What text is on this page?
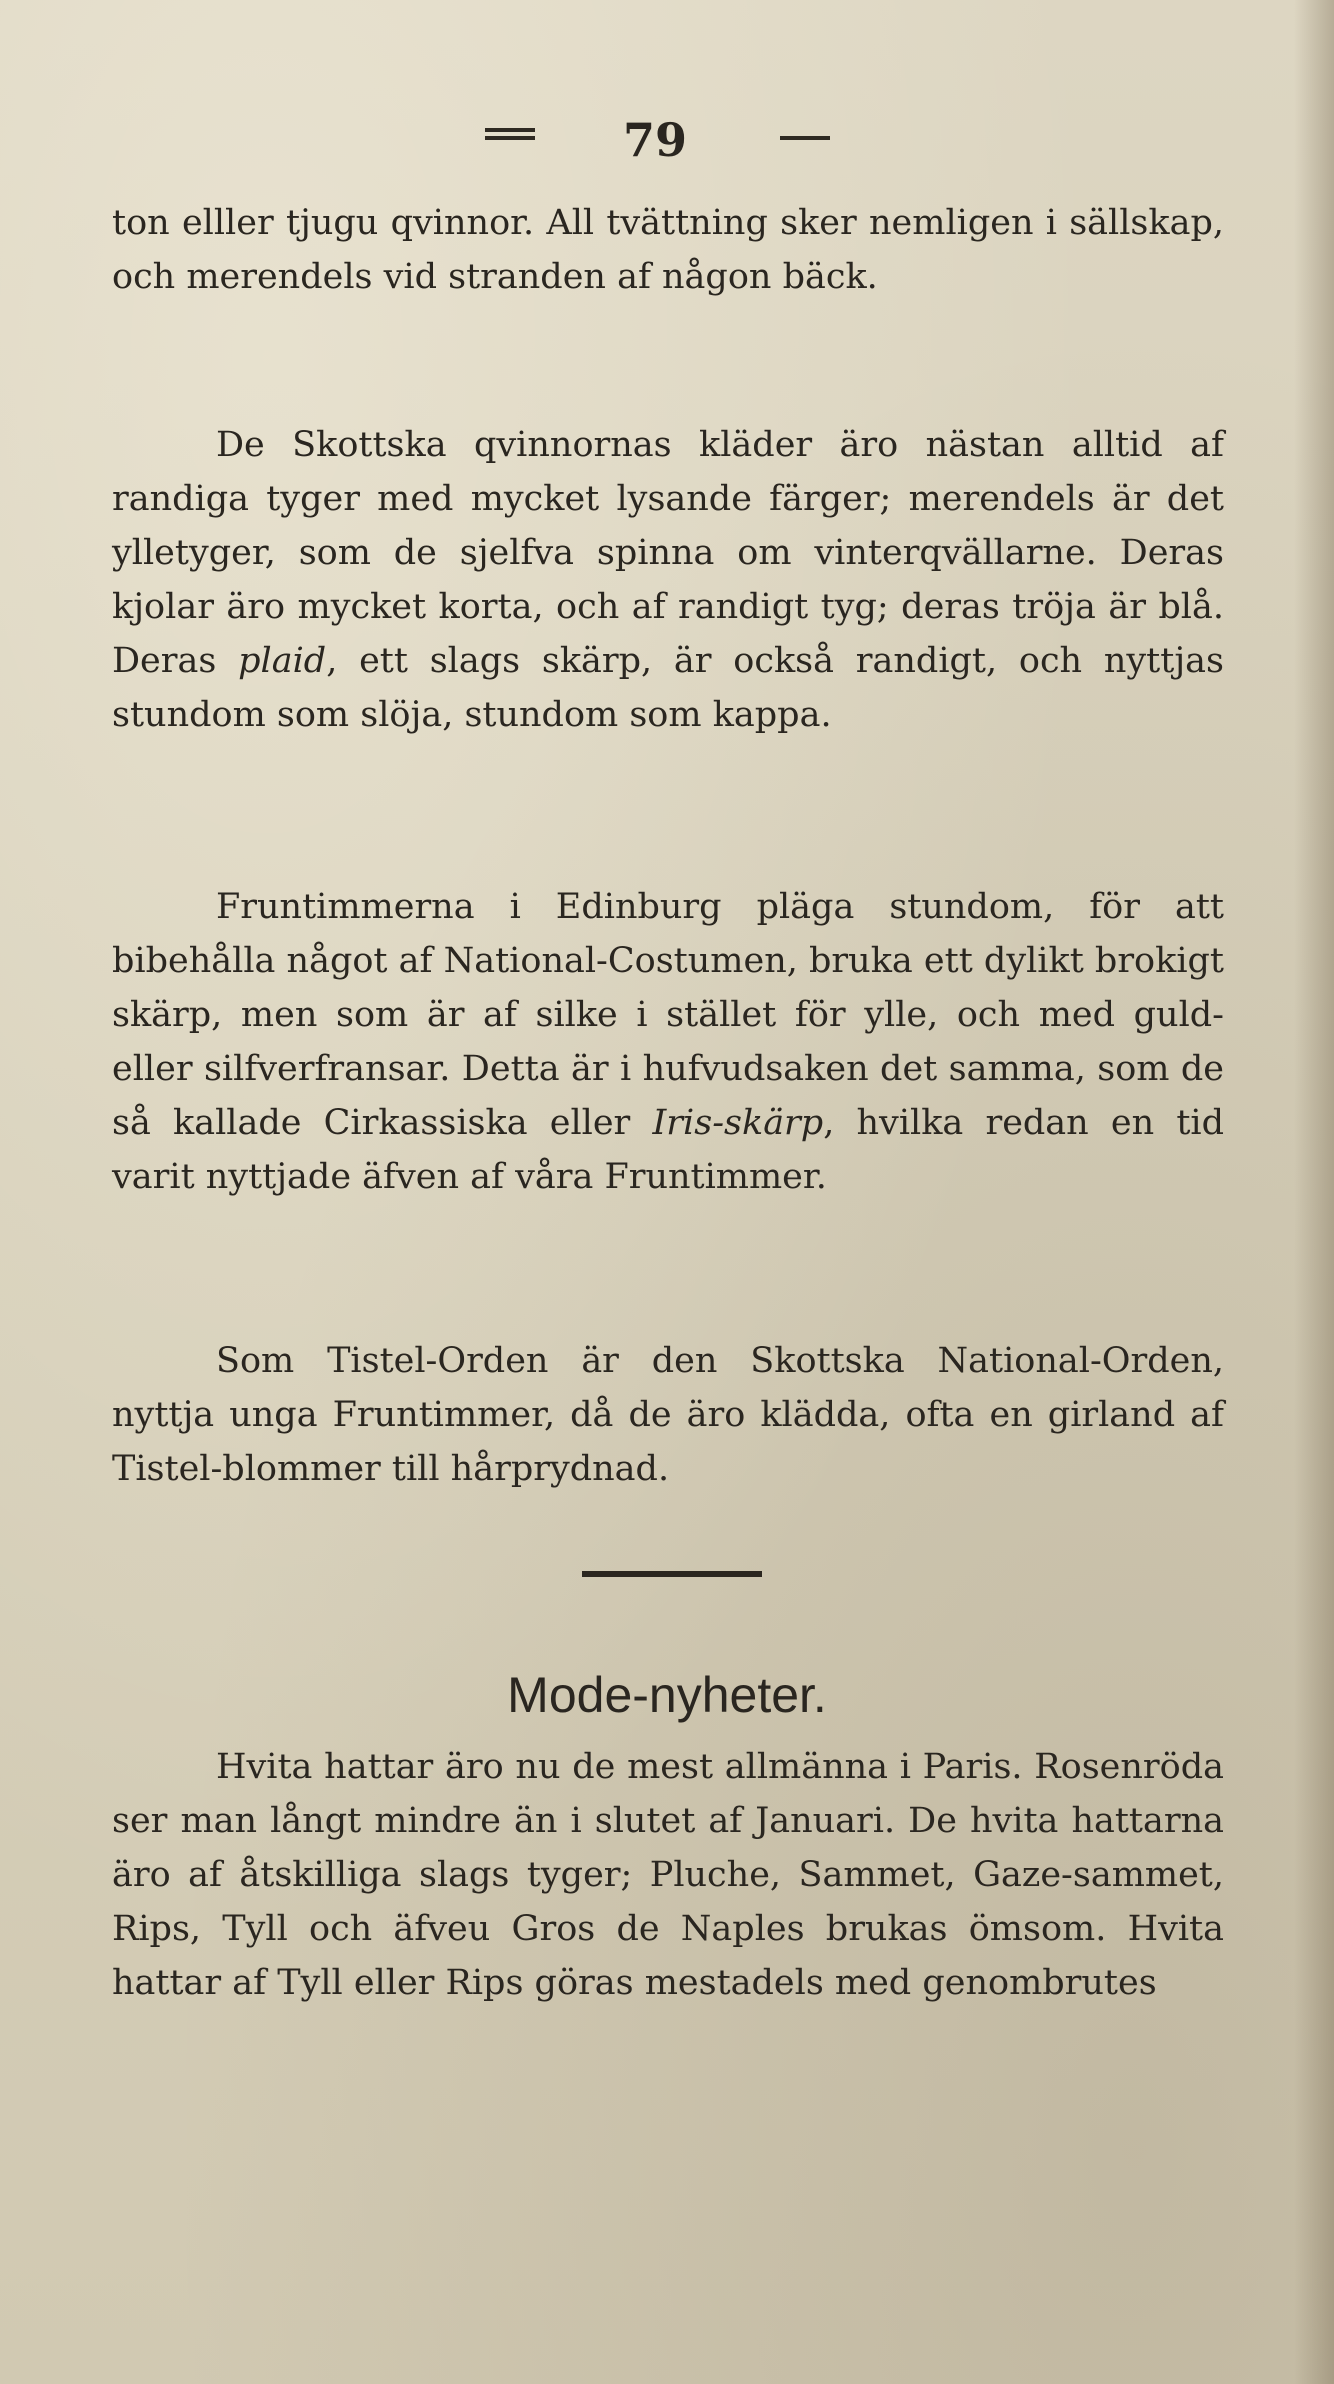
79

ton elller tjugu qvinnor. All tvättning sker nemligen i sällskap, och merendels vid stranden af någon bäck.

De Skottska qvinnornas kläder äro nästan alltid af randiga tyger med mycket lysande färger; merendels är det ylletyger, som de sjelfva spinna om vinterqvällarne. Deras kjolar äro mycket korta, och af randigt tyg; deras tröja är blå. Deras plaid, ett slags skärp, är också randigt, och nyttjas stundom som slöja, stundom som kappa.

Fruntimmerna i Edinburg pläga stundom, för att bibehålla något af National-Costumen, bruka ett dylikt brokigt skärp, men som är af silke i stället för ylle, och med guld- eller silfverfransar. Detta är i hufvudsaken det samma, som de så kallade Cirkassiska eller Iris-skärp, hvilka redan en tid varit nyttjade äfven af våra Fruntimmer.

Som Tistel-Orden är den Skottska National-Orden, nyttja unga Fruntimmer, då de äro klädda, ofta en girland af Tistel-blommer till hårprydnad.

Mode-nyheter.

Hvita hattar äro nu de mest allmänna i Paris. Rosenröda ser man långt mindre än i slutet af Januari. De hvita hattarna äro af åtskilliga slags tyger; Pluche, Sammet, Gaze-sammet, Rips, Tyll och äfveu Gros de Naples brukas ömsom. Hvita hattar af Tyll eller Rips göras mestadels med genombrutes
